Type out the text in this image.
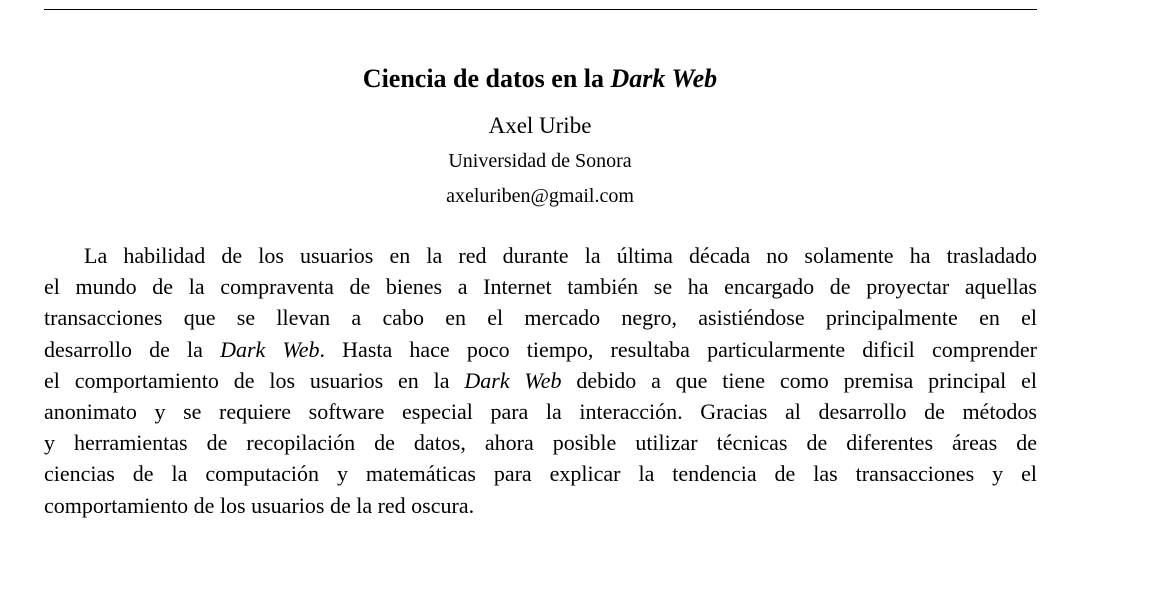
Ciencia de datos en la Dark Web
Axel Uribe
Universidad de Sonora
axeluriben@gmail.com
La habilidad de los usuarios en la red durante la última década no solamente ha trasladado
el mundo de la compraventa de bienes a Internet también se ha encargado de proyectar aquellas
transacciones que se llevan a cabo en el mercado negro, asistiéndose principalmente en el
desarrollo de la Dark Web. Hasta hace poco tiempo, resultaba particularmente dificil comprender
el comportamiento de los usuarios en la Dark Web debido a que tiene como premisa principal el
anonimato y se requiere software especial para la interacción. Gracias al desarrollo de métodos
y herramientas de recopilación de datos, ahora posible utilizar técnicas de diferentes áreas de
ciencias de la computación y matemáticas para explicar la tendencia de las transacciones y el
comportamiento de los usuarios de la red oscura.
